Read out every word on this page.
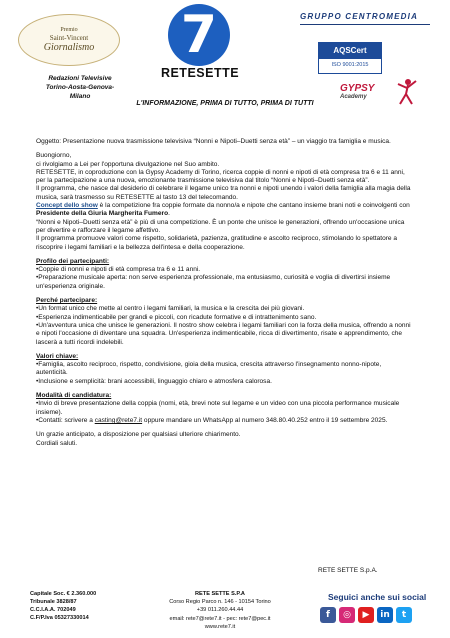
Premio
Saint-Vincent
Giornalismo
Redazioni Televisive
Torino-Aosta-Genova-Milano
7
RETESETTE
GRUPPO CENTROMEDIA
AQSCert
ISO 9001:2015
GYPSY
Academy
L'INFORMAZIONE, PRIMA DI TUTTO, PRIMA DI TUTTI

Oggetto: Presentazione nuova trasmissione televisiva “Nonni e Nipoti–Duetti senza età” – un viaggio tra famiglia e musica.

Buongiorno,

ci rivolgiamo a Lei per l'opportuna divulgazione nel Suo ambito.

RETESETTE, in coproduzione con la Gypsy Academy di Torino, ricerca coppie di nonni e nipoti di età compresa tra 6 e 11 anni, per la partecipazione a una nuova, emozionante trasmissione televisiva dal titolo “Nonni e Nipoti–Duetti senza età”.

Il programma, che nasce dal desiderio di celebrare il legame unico tra nonni e nipoti unendo i valori della famiglia alla magia della musica, sarà trasmesso su RETESETTE al tasto 13 del telecomando.

Concept dello show è la competizione fra coppie formate da nonno/a e nipote che cantano insieme brani noti e coinvolgenti con Presidente della Giuria Margherita Fumero.

“Nonni e Nipoti–Duetti senza età” è più di una competizione. È un ponte che unisce le generazioni, offrendo un'occasione unica per divertire e rafforzare il legame affettivo.

Il programma promuove valori come rispetto, solidarietà, pazienza, gratitudine e ascolto reciproco, stimolando lo spettatore a riscoprire i legami familiari e la bellezza dell'intesa e della cooperazione.

Profilo dei partecipanti:

•Coppie di nonni e nipoti di età compresa tra 6 e 11 anni.

•Preparazione musicale aperta: non serve esperienza professionale, ma entusiasmo, curiosità e voglia di divertirsi insieme un'esperienza originale.

Perché partecipare:

•Un format unico che mette al centro i legami familiari, la musica e la crescita dei più giovani.

•Esperienza indimenticabile per grandi e piccoli, con ricadute formative e di intrattenimento sano.

•Un'avventura unica che unisce le generazioni. Il nostro show celebra i legami familiari con la forza della musica, offrendo a nonni e nipoti l'occasione di diventare una squadra. Un'esperienza indimenticabile, ricca di divertimento, risate e apprendimento, che lascerà a tutti ricordi indelebili.

Valori chiave:

•Famiglia, ascolto reciproco, rispetto, condivisione, gioia della musica, crescita attraverso l'insegnamento nonno-nipote, autenticità.

•Inclusione e semplicità: brani accessibili, linguaggio chiaro e atmosfera calorosa.

Modalità di candidatura:

•Invio di breve presentazione della coppia (nomi, età, brevi note sul legame e un video con una piccola performance musicale insieme).

•Contatti: scrivere a casting@rete7.it oppure mandare un WhatsApp al numero 348.80.40.252 entro il 19 settembre 2025.

Un grazie anticipato, a disposizione per qualsiasi ulteriore chiarimento.

Cordiali saluti.

RETE SETTE S.p.A.
Capitale Soc. € 2.360.000
Tribunale 3828/87
C.C.I.A.A. 702049
C.F/P.Iva 05327330014
RETE SETTE S.P.A
Corso Regio Parco n. 146 - 10154 Torino
+39 011.260.44.44
email: rete7@rete7.it - pec: rete7@pec.it
www.rete7.it
Seguici anche sui social
f	◎	▶	in	t
